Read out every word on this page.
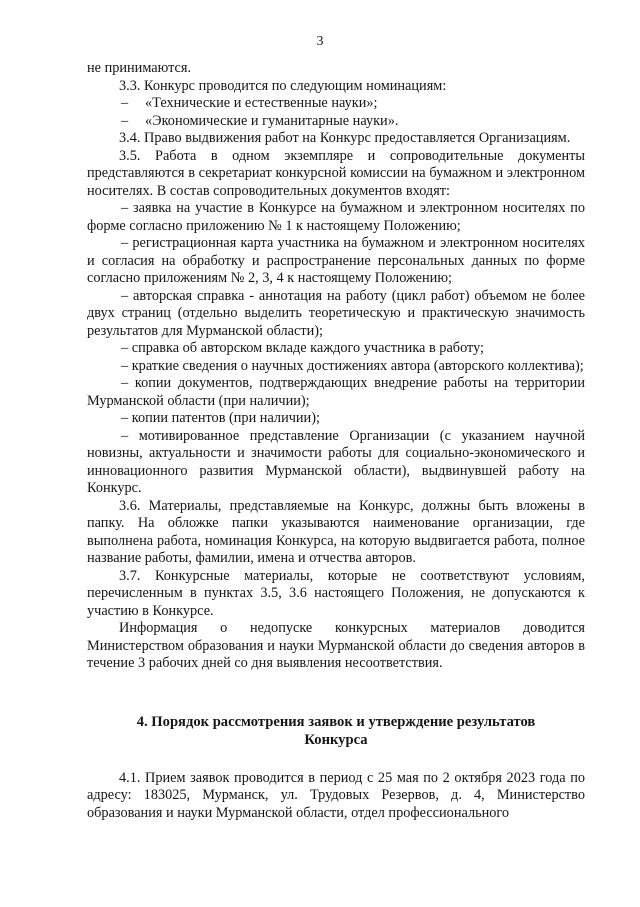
3

не принимаются.

3.3. Конкурс проводится по следующим номинациям:

–	«Технические и естественные науки»;
–	«Экономические и гуманитарные науки».

3.4. Право выдвижения работ на Конкурс предоставляется Организациям.

3.5. Работа в одном экземпляре и сопроводительные документы представляются в секретариат конкурсной комиссии на бумажном и электронном носителях. В состав сопроводительных документов входят:

– заявка на участие в Конкурсе на бумажном и электронном носителях по форме согласно приложению № 1 к настоящему Положению;

– регистрационная карта участника на бумажном и электронном носителях и согласия на обработку и распространение персональных данных по форме согласно приложениям № 2, 3, 4 к настоящему Положению;

– авторская справка - аннотация на работу (цикл работ) объемом не более двух страниц (отдельно выделить теоретическую и практическую значимость результатов для Мурманской области);

– справка об авторском вкладе каждого участника в работу;

– краткие сведения о научных достижениях автора (авторского коллектива);

– копии документов, подтверждающих внедрение работы на территории Мурманской области (при наличии);

– копии патентов (при наличии);

– мотивированное представление Организации (с указанием научной новизны, актуальности и значимости работы для социально-экономического и инновационного развития Мурманской области), выдвинувшей работу на Конкурс.

3.6. Материалы, представляемые на Конкурс, должны быть вложены в папку. На обложке папки указываются наименование организации, где выполнена работа, номинация Конкурса, на которую выдвигается работа, полное название работы, фамилии, имена и отчества авторов.

3.7. Конкурсные материалы, которые не соответствуют условиям, перечисленным в пунктах 3.5, 3.6 настоящего Положения, не допускаются к участию в Конкурсе.

Информация о недопуске конкурсных материалов доводится Министерством образования и науки Мурманской области до сведения авторов в течение 3 рабочих дней со дня выявления несоответствия.

4. Порядок рассмотрения заявок и утверждение результатов
Конкурса

4.1. Прием заявок проводится в период с 25 мая по 2 октября 2023 года по адресу: 183025, Мурманск, ул. Трудовых Резервов, д. 4, Министерство образования и науки Мурманской области, отдел профессионального
